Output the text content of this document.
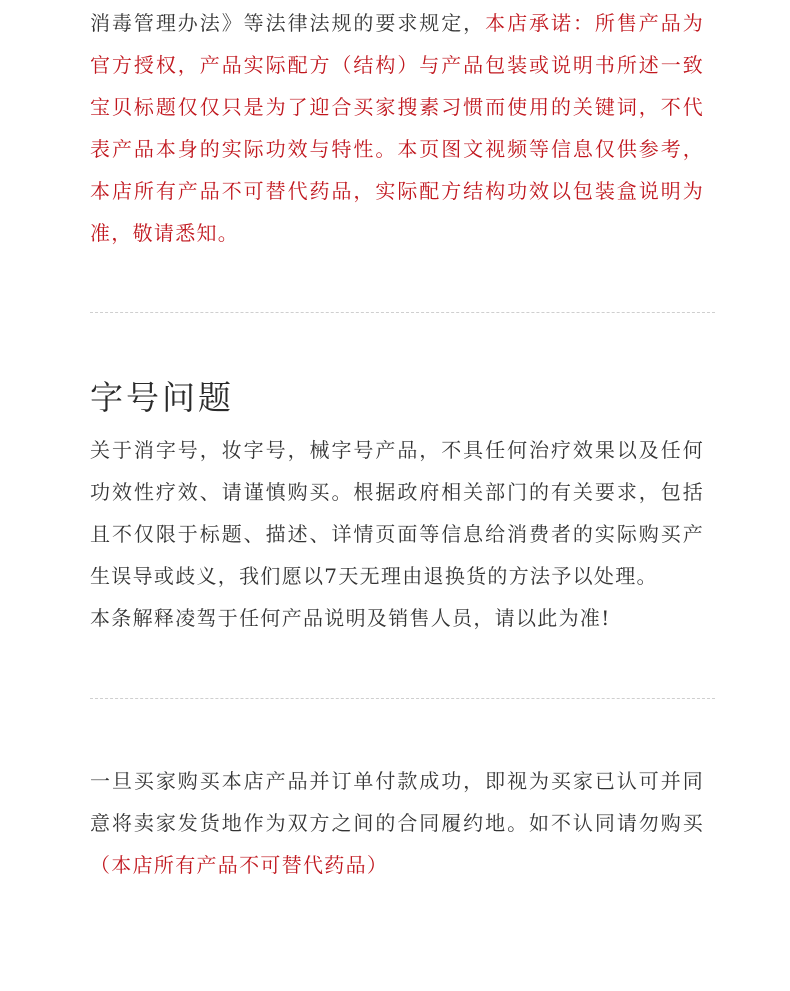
消毒管理办法》等法律法规的要求规定，本店承诺：所售产品为官方授权，产品实际配方（结构）与产品包装或说明书所述一致宝贝标题仅仅只是为了迎合买家搜素习惯而使用的关键词，不代表产品本身的实际功效与特性。本页图文视频等信息仅供参考，本店所有产品不可替代药品，实际配方结构功效以包装盒说明为准，敬请悉知。

字号问题

关于消字号，妆字号，械字号产品，不具任何治疗效果以及任何功效性疗效、请谨慎购买。根据政府相关部门的有关要求，包括且不仅限于标题、描述、详情页面等信息给消费者的实际购买产生误导或歧义，我们愿以7天无理由退换货的方法予以处理。

本条解释凌驾于任何产品说明及销售人员，请以此为准!

一旦买家购买本店产品并订单付款成功，即视为买家已认可并同意将卖家发货地作为双方之间的合同履约地。如不认同请勿购买（本店所有产品不可替代药品）
